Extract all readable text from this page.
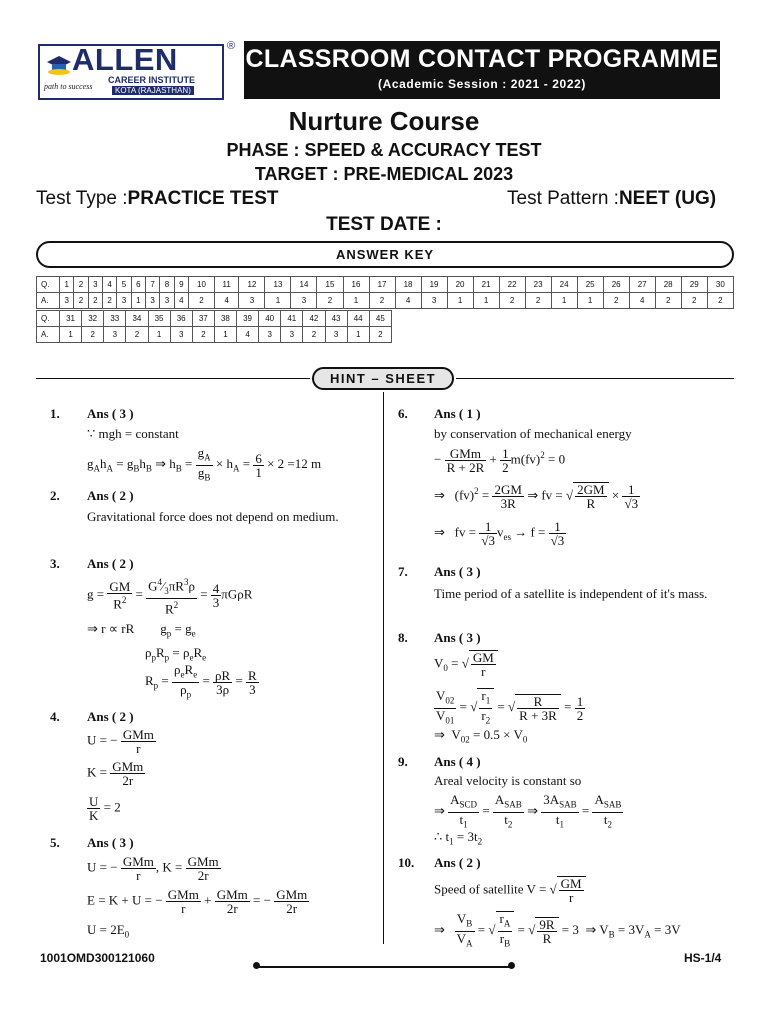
ALLEN
CAREER INSTITUTE
KOTA (RAJASTHAN)
path to success
® CLASSROOM CONTACT PROGRAMME
(Academic Session : 2021 - 2022)
Nurture Course
PHASE : SPEED & ACCURACY TEST
TARGET : PRE-MEDICAL 2023
Test Type :PRACTICE TEST	Test Pattern :NEET (UG)
TEST DATE :
ANSWER KEY
Q.	1	2	3	4	5	6	7	8	9	10	11	12	13	14	15	16	17	18	19	20	21	22	23	24	25	26	27	28	29	30
A.	3	2	2	2	3	1	3	3	4	2	4	3	1	3	2	1	2	4	3	1	1	2	2	1	1	2	4	2	2	2
Q.	31	32	33	34	35	36	37	38	39	40	41	42	43	44	45
A.	1	2	3	2	1	3	2	1	4	3	3	2	3	1	2
HINT – SHEET
1. Ans ( 3 )
∵ mgh = constant
$g_Ah_A = g_Bh_B$ ⇒ $h_B = \frac{g_A}{g_B} \times h_A = \frac{6}{1} \times 2 =12$ m
2. Ans ( 2 )
Gravitational force does not depend on medium.
3. Ans ( 2 )
$g = \frac{GM}{R^2} = \frac{G^4⁄_3\pi R^3\rho}{R^2} = \frac{4}{3}$ πGρR
⇒ r ∝ rR        $g_p = g_e$
$\rho_pR_p = \rho_eR_e$
$R_p = \frac{\rho_eR_e}{\rho_p} = \frac{\rho R}{3\rho} = \frac{R}{3}$
4. Ans ( 2 )
U = − $\frac{\text{GMm}}{r}$
$K = \frac{\text{GMm}}{2r}$
$\frac{U}{K} = 2$
5. Ans ( 3 )
U = − $\frac{\text{GMm}}{r}$ , $K = \frac{\text{GMm}}{2r}$
E = K + U = − $\frac{\text{GMm}}{r} + \frac{\text{GMm}}{2r}$ = − $\frac{\text{GMm}}{2r}$
$U = 2E_0$
6. Ans ( 1 )
by conservation of mechanical energy
− $\frac{\text{GMm}}{R + 2R} + \frac{1}{2} m(fv)^2 = 0$
⇒   $(fv)^2 = \frac{2GM}{3R}$ ⇒ fv = √ $\frac{2GM}{R} \times \frac{1}{√3}$
⇒   fv = $\frac{1}{√3} v_{es} \to f = \frac{1}{√3}$
7. Ans ( 3 )
Time period of a satellite is independent of it's mass.
8. Ans ( 3 )
$V_0$ = √ $\frac{GM}{r}$
$\frac{V_{02}}{V_{01}}$ = √ $\frac{r_1}{r_2}$ = √ $\frac{R}{R + 3R} = \frac{1}{2}$
⇒  $V_{02} = 0.5 \times V_0$
9. Ans ( 4 )
Areal velocity is constant so
⇒ $\frac{A_{SCD}}{t_1} = \frac{A_{SAB}}{t_2}$ ⇒ $\frac{3A_{SAB}}{t_1} = \frac{A_{SAB}}{t_2}$
∴ $t_1 = 3t_2$
10. Ans ( 2 )
Speed of satellite V = √ $\frac{GM}{r}$
⇒ $\frac{V_B}{V_A}$ = √ $\frac{r_A}{r_B}$ = √ $\frac{9R}{R} = 3$  ⇒ $V_B = 3V_A = 3V$
1001OMD300121060	HS-1/4
